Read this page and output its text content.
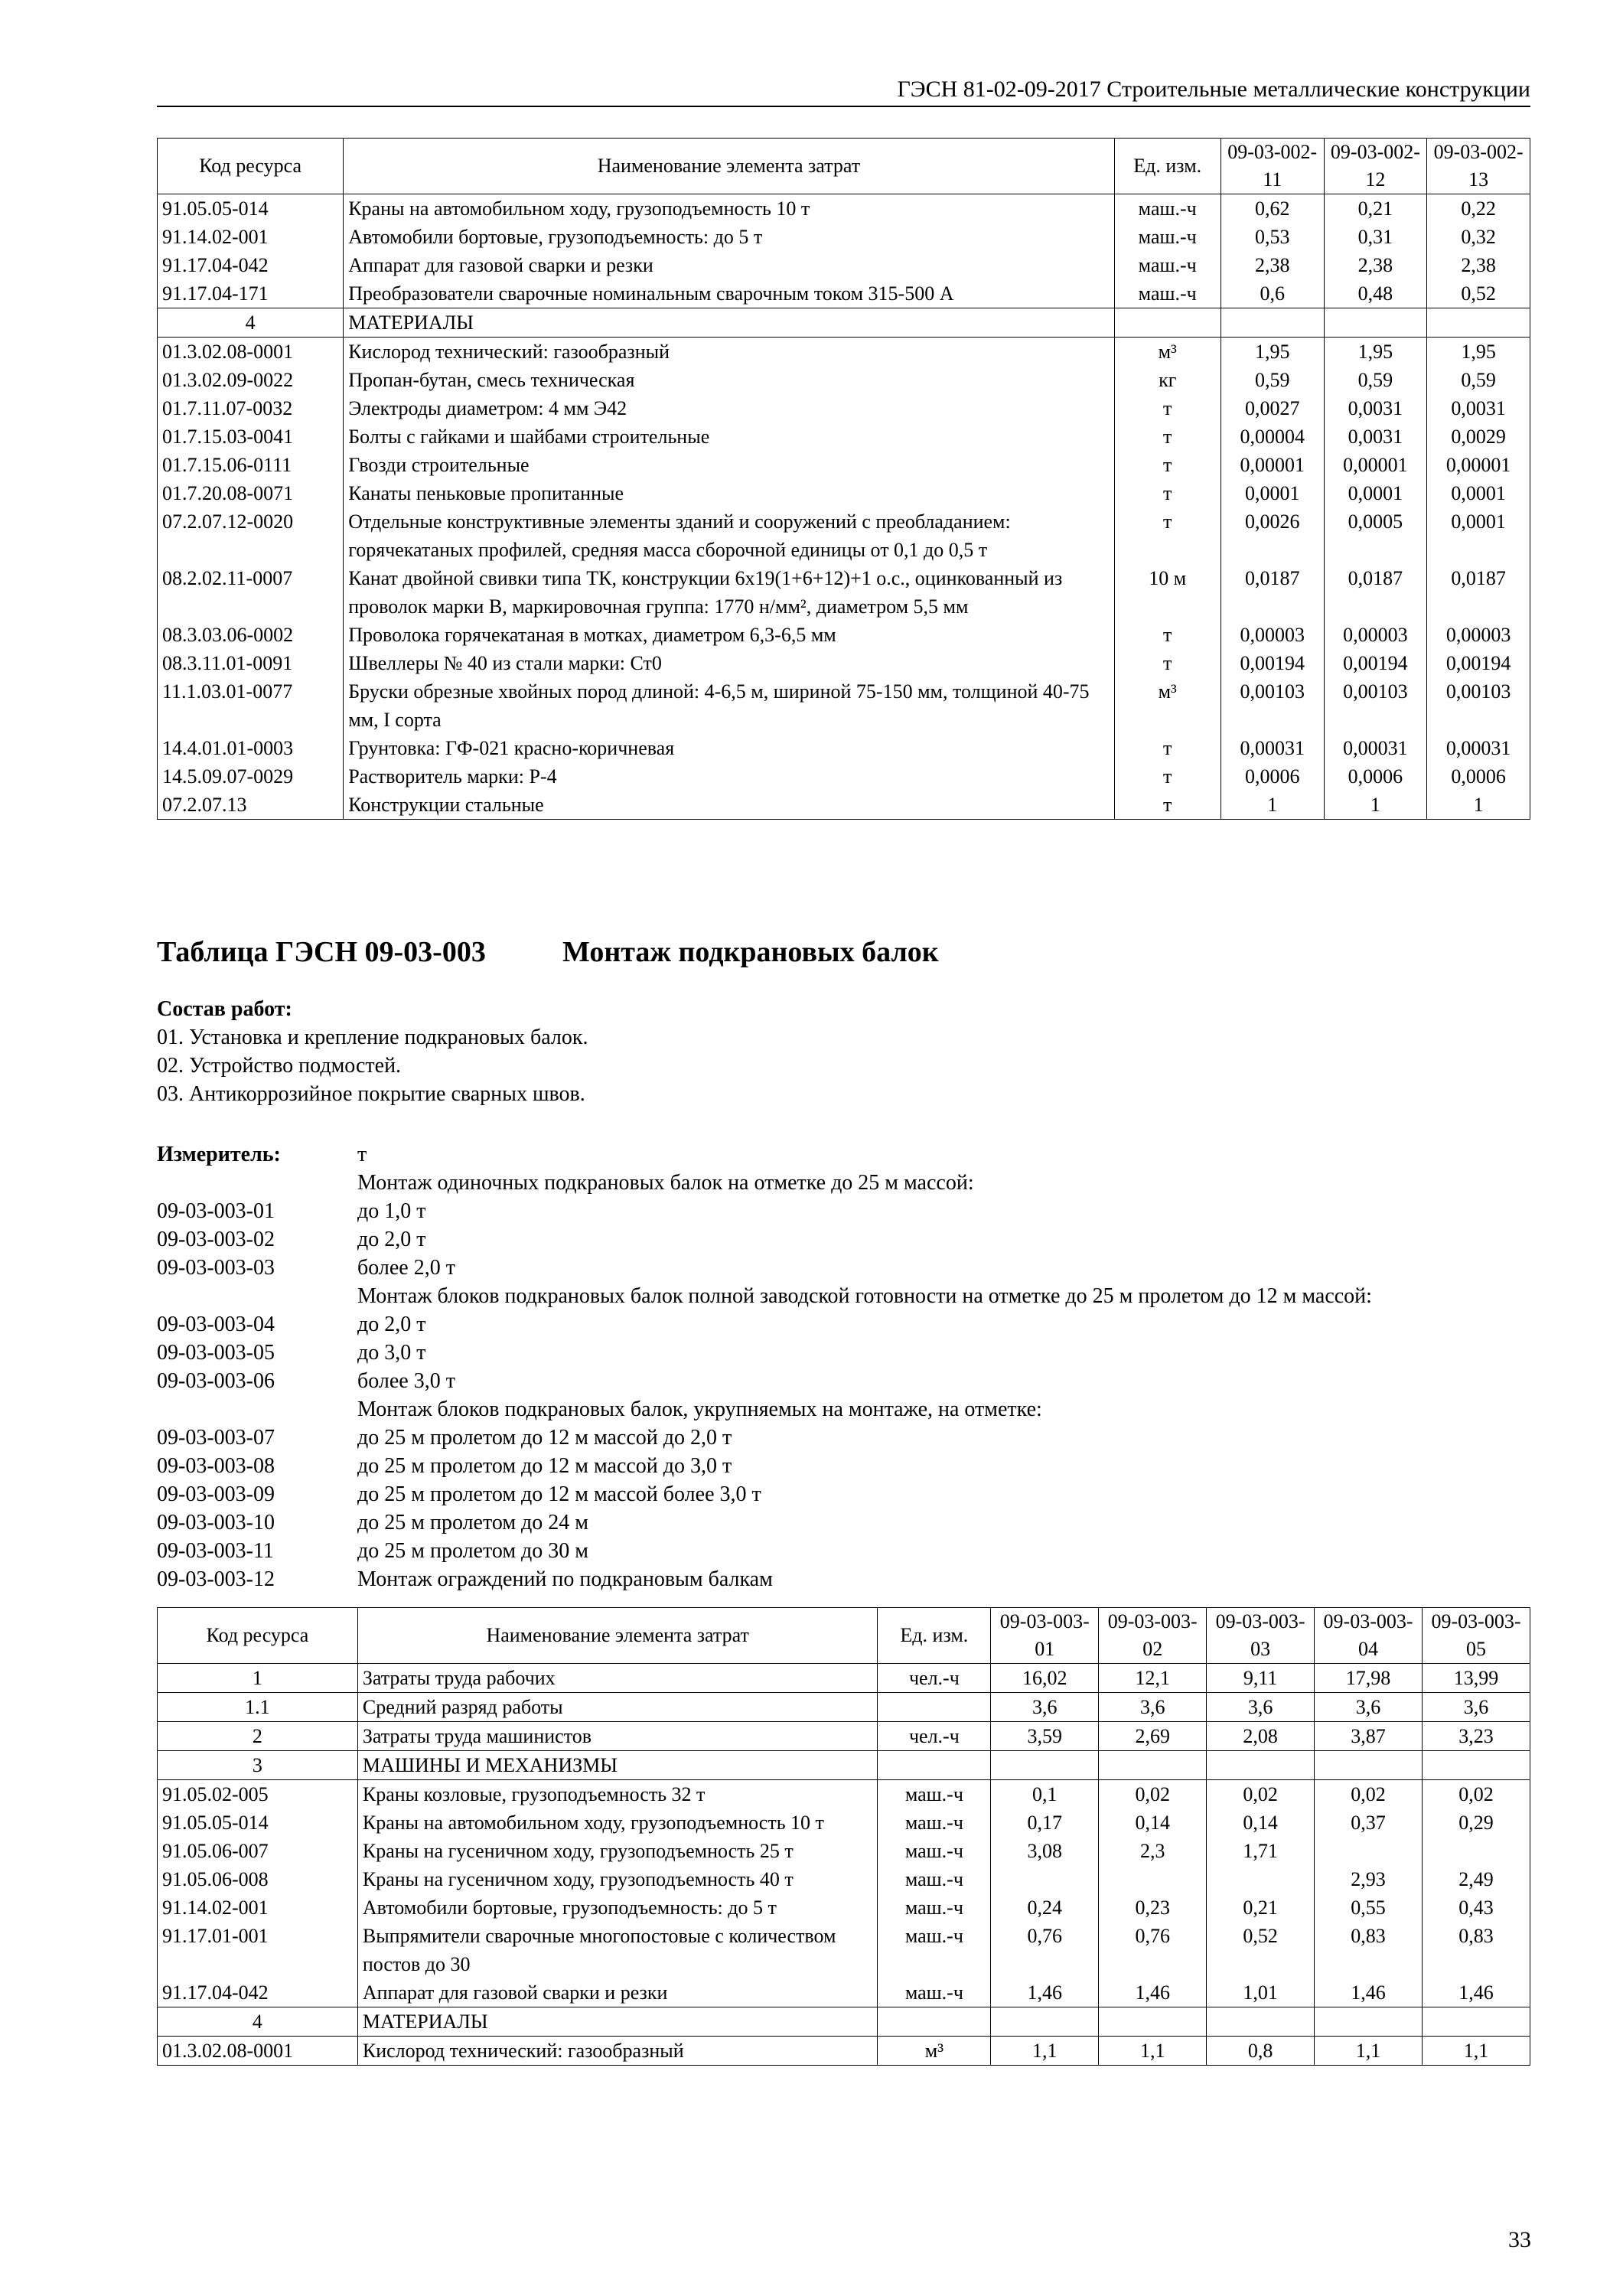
ГЭСН 81-02-09-2017 Строительные металлические конструкции
Код ресурса	Наименование элемента затрат	Ед. изм.	09-03-002-11	09-03-002-12	09-03-002-13
91.05.05-014	Краны на автомобильном ходу, грузоподъемность 10 т	маш.-ч	0,62	0,21	0,22
91.14.02-001	Автомобили бортовые, грузоподъемность: до 5 т	маш.-ч	0,53	0,31	0,32
91.17.04-042	Аппарат для газовой сварки и резки	маш.-ч	2,38	2,38	2,38
91.17.04-171	Преобразователи сварочные номинальным сварочным током 315-500 А	маш.-ч	0,6	0,48	0,52
4	МАТЕРИАЛЫ				
01.3.02.08-0001	Кислород технический: газообразный	м³	1,95	1,95	1,95
01.3.02.09-0022	Пропан-бутан, смесь техническая	кг	0,59	0,59	0,59
01.7.11.07-0032	Электроды диаметром: 4 мм Э42	т	0,0027	0,0031	0,0031
01.7.15.03-0041	Болты с гайками и шайбами строительные	т	0,00004	0,0031	0,0029
01.7.15.06-0111	Гвозди строительные	т	0,00001	0,00001	0,00001
01.7.20.08-0071	Канаты пеньковые пропитанные	т	0,0001	0,0001	0,0001
07.2.07.12-0020	Отдельные конструктивные элементы зданий и сооружений с преобладанием: горячекатаных профилей, средняя масса сборочной единицы от 0,1 до 0,5 т	т	0,0026	0,0005	0,0001
08.2.02.11-0007	Канат двойной свивки типа ТК, конструкции 6х19(1+6+12)+1 о.с., оцинкованный из проволок марки В, маркировочная группа: 1770 н/мм², диаметром 5,5 мм	10 м	0,0187	0,0187	0,0187
08.3.03.06-0002	Проволока горячекатаная в мотках, диаметром 6,3-6,5 мм	т	0,00003	0,00003	0,00003
08.3.11.01-0091	Швеллеры № 40 из стали марки: Ст0	т	0,00194	0,00194	0,00194
11.1.03.01-0077	Бруски обрезные хвойных пород длиной: 4-6,5 м, шириной 75-150 мм, толщиной 40-75 мм, I сорта	м³	0,00103	0,00103	0,00103
14.4.01.01-0003	Грунтовка: ГФ-021 красно-коричневая	т	0,00031	0,00031	0,00031
14.5.09.07-0029	Растворитель марки: Р-4	т	0,0006	0,0006	0,0006
07.2.07.13	Конструкции стальные	т	1	1	1
Таблица ГЭСН 09-03-003	Монтаж подкрановых балок
Состав работ:
01. Установка и крепление подкрановых балок.
02. Устройство подмостей.
03. Антикоррозийное покрытие сварных швов.
Измеритель:	т
Монтаж одиночных подкрановых балок на отметке до 25 м массой:
09-03-003-01	до 1,0 т
09-03-003-02	до 2,0 т
09-03-003-03	более 2,0 т
Монтаж блоков подкрановых балок полной заводской готовности на отметке до 25 м пролетом до 12 м массой:
09-03-003-04	до 2,0 т
09-03-003-05	до 3,0 т
09-03-003-06	более 3,0 т
Монтаж блоков подкрановых балок, укрупняемых на монтаже, на отметке:
09-03-003-07	до 25 м пролетом до 12 м массой до 2,0 т
09-03-003-08	до 25 м пролетом до 12 м массой до 3,0 т
09-03-003-09	до 25 м пролетом до 12 м массой более 3,0 т
09-03-003-10	до 25 м пролетом до 24 м
09-03-003-11	до 25 м пролетом до 30 м
09-03-003-12	Монтаж ограждений по подкрановым балкам
Код ресурса	Наименование элемента затрат	Ед. изм.	09-03-003-01	09-03-003-02	09-03-003-03	09-03-003-04	09-03-003-05
1	Затраты труда рабочих	чел.-ч	16,02	12,1	9,11	17,98	13,99
1.1	Средний разряд работы		3,6	3,6	3,6	3,6	3,6
2	Затраты труда машинистов	чел.-ч	3,59	2,69	2,08	3,87	3,23
3	МАШИНЫ И МЕХАНИЗМЫ						
91.05.02-005	Краны козловые, грузоподъемность 32 т	маш.-ч	0,1	0,02	0,02	0,02	0,02
91.05.05-014	Краны на автомобильном ходу, грузоподъемность 10 т	маш.-ч	0,17	0,14	0,14	0,37	0,29
91.05.06-007	Краны на гусеничном ходу, грузоподъемность 25 т	маш.-ч	3,08	2,3	1,71		
91.05.06-008	Краны на гусеничном ходу, грузоподъемность 40 т	маш.-ч				2,93	2,49
91.14.02-001	Автомобили бортовые, грузоподъемность: до 5 т	маш.-ч	0,24	0,23	0,21	0,55	0,43
91.17.01-001	Выпрямители сварочные многопостовые с количеством постов до 30	маш.-ч	0,76	0,76	0,52	0,83	0,83
91.17.04-042	Аппарат для газовой сварки и резки	маш.-ч	1,46	1,46	1,01	1,46	1,46
4	МАТЕРИАЛЫ						
01.3.02.08-0001	Кислород технический: газообразный	м³	1,1	1,1	0,8	1,1	1,1
33
